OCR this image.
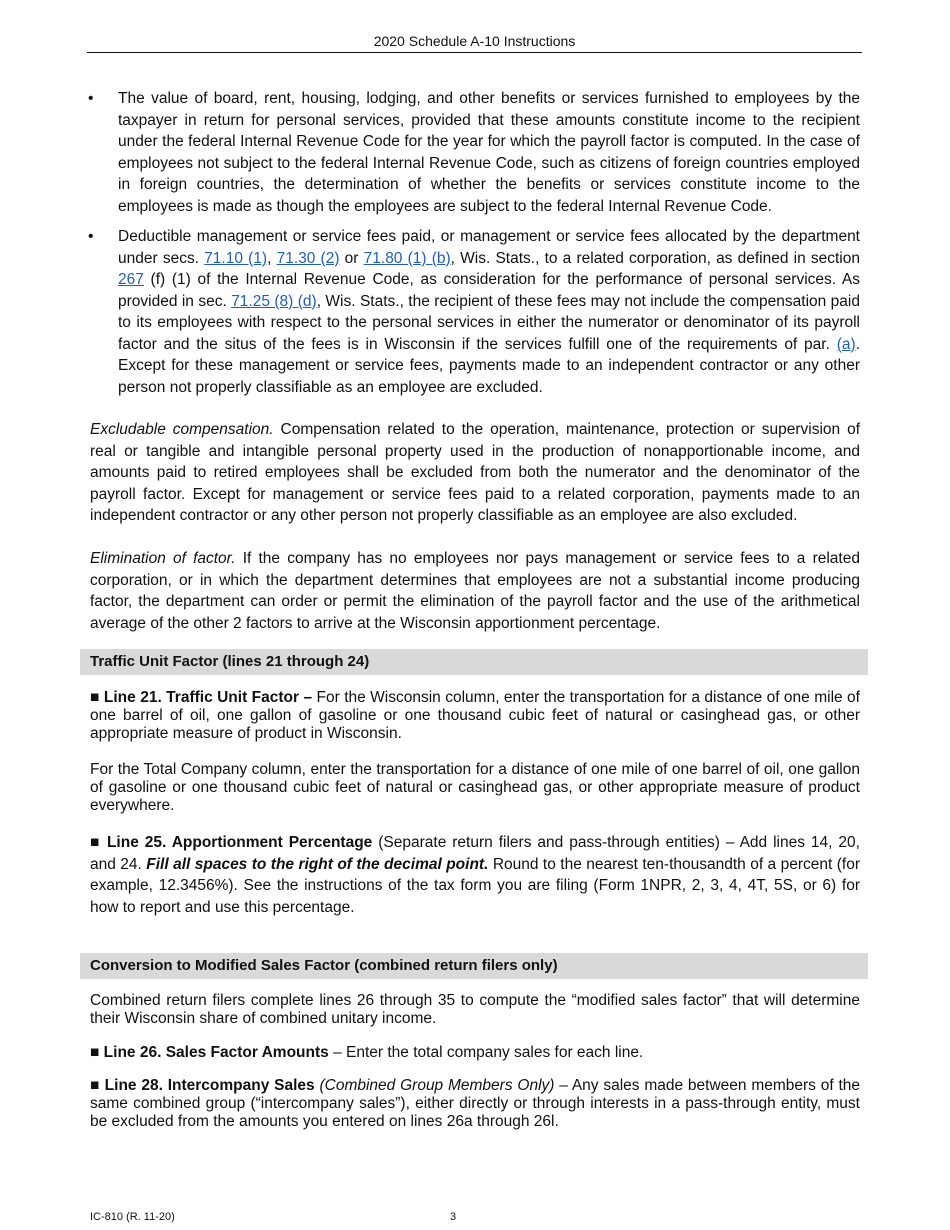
2020 Schedule A-10 Instructions
• The value of board, rent, housing, lodging, and other benefits or services furnished to employees by the taxpayer in return for personal services, provided that these amounts constitute income to the recipient under the federal Internal Revenue Code for the year for which the payroll factor is computed. In the case of employees not subject to the federal Internal Revenue Code, such as citizens of foreign countries employed in foreign countries, the determination of whether the benefits or services constitute income to the employees is made as though the employees are subject to the federal Internal Revenue Code.
• Deductible management or service fees paid, or management or service fees allocated by the department under secs. 71.10 (1), 71.30 (2) or 71.80 (1) (b), Wis. Stats., to a related corporation, as defined in section 267 (f) (1) of the Internal Revenue Code, as consideration for the performance of personal services. As provided in sec. 71.25 (8) (d), Wis. Stats., the recipient of these fees may not include the compensation paid to its employees with respect to the personal services in either the numerator or denominator of its payroll factor and the situs of the fees is in Wisconsin if the services fulfill one of the requirements of par. (a). Except for these management or service fees, payments made to an independent contractor or any other person not properly classifiable as an employee are excluded.

Excludable compensation. Compensation related to the operation, maintenance, protection or supervision of real or tangible and intangible personal property used in the production of nonapportionable income, and amounts paid to retired employees shall be excluded from both the numerator and the denominator of the payroll factor. Except for management or service fees paid to a related corporation, payments made to an independent contractor or any other person not properly classifiable as an employee are also excluded.

Elimination of factor. If the company has no employees nor pays management or service fees to a related corporation, or in which the department determines that employees are not a substantial income producing factor, the department can order or permit the elimination of the payroll factor and the use of the arithmetical average of the other 2 factors to arrive at the Wisconsin apportionment percentage.

Traffic Unit Factor (lines 21 through 24)

■ Line 21. Traffic Unit Factor – For the Wisconsin column, enter the transportation for a distance of one mile of one barrel of oil, one gallon of gasoline or one thousand cubic feet of natural or casinghead gas, or other appropriate measure of product in Wisconsin.

For the Total Company column, enter the transportation for a distance of one mile of one barrel of oil, one gallon of gasoline or one thousand cubic feet of natural or casinghead gas, or other appropriate measure of product everywhere.

■ Line 25. Apportionment Percentage (Separate return filers and pass-through entities) – Add lines 14, 20, and 24. Fill all spaces to the right of the decimal point. Round to the nearest ten-thousandth of a percent (for example, 12.3456%). See the instructions of the tax form you are filing (Form 1NPR, 2, 3, 4, 4T, 5S, or 6) for how to report and use this percentage.

Conversion to Modified Sales Factor (combined return filers only)

Combined return filers complete lines 26 through 35 to compute the “modified sales factor” that will determine their Wisconsin share of combined unitary income.

■ Line 26. Sales Factor Amounts – Enter the total company sales for each line.

■ Line 28. Intercompany Sales (Combined Group Members Only) – Any sales made between members of the same combined group (“intercompany sales”), either directly or through interests in a pass-through entity, must be excluded from the amounts you entered on lines 26a through 26l.

IC-810 (R. 11-20)	3
